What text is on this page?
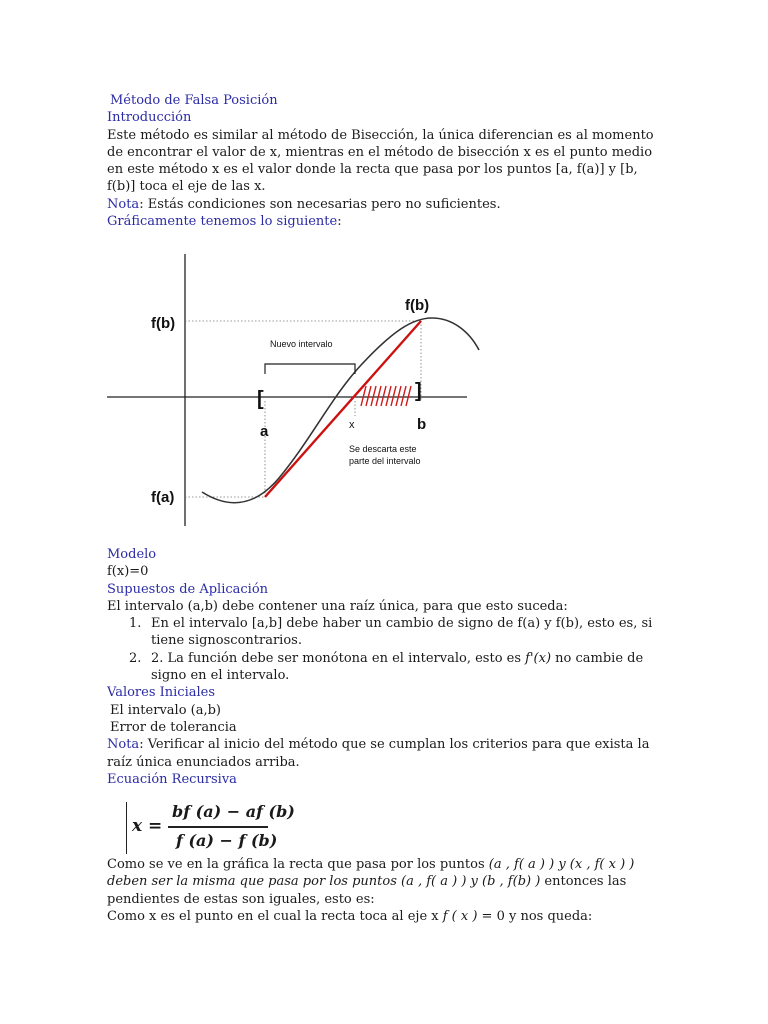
Método de Falsa Posición

Introducción

Este método es similar al método de Bisección, la única diferencian es al momento de encontrar el valor de x, mientras en el método de bisección x es el punto medio en este método x es el valor donde la recta que pasa por los puntos [a, f(a)] y [b, f(b)] toca el eje de las x.

Nota: Estás condiciones son necesarias pero no suficientes.

Gráficamente tenemos lo siguiente:

f(b)
f(b)
f(a)
[	]
a	b
x
Nuevo intervalo
Se descarta este
parte del intervalo

Modelo

f(x)=0

Supuestos de Aplicación

El intervalo (a,b) debe contener una raíz única, para que esto suceda:

1. En el intervalo [a,b] debe haber un cambio de signo de f(a) y f(b), esto es, si tiene signoscontrarios.
2. 2. La función debe ser monótona en el intervalo, esto es f'(x) no cambie de signo en el intervalo.

Valores Iniciales

El intervalo (a,b)

Error de tolerancia

Nota: Verificar al inicio del método que se cumplan los criterios para que exista la raíz única enunciados arriba.

Ecuación Recursiva

x =
bf (a) − af (b)
f (a) − f (b)

Como se ve en la gráfica la recta que pasa por los puntos (a , f( a ) ) y (x , f( x ) ) deben ser la misma que pasa por los puntos (a , f( a ) ) y (b , f(b) ) entonces las pendientes de estas son iguales, esto es:

Como x es el punto en el cual la recta toca al eje x f ( x ) = 0 y nos queda:
